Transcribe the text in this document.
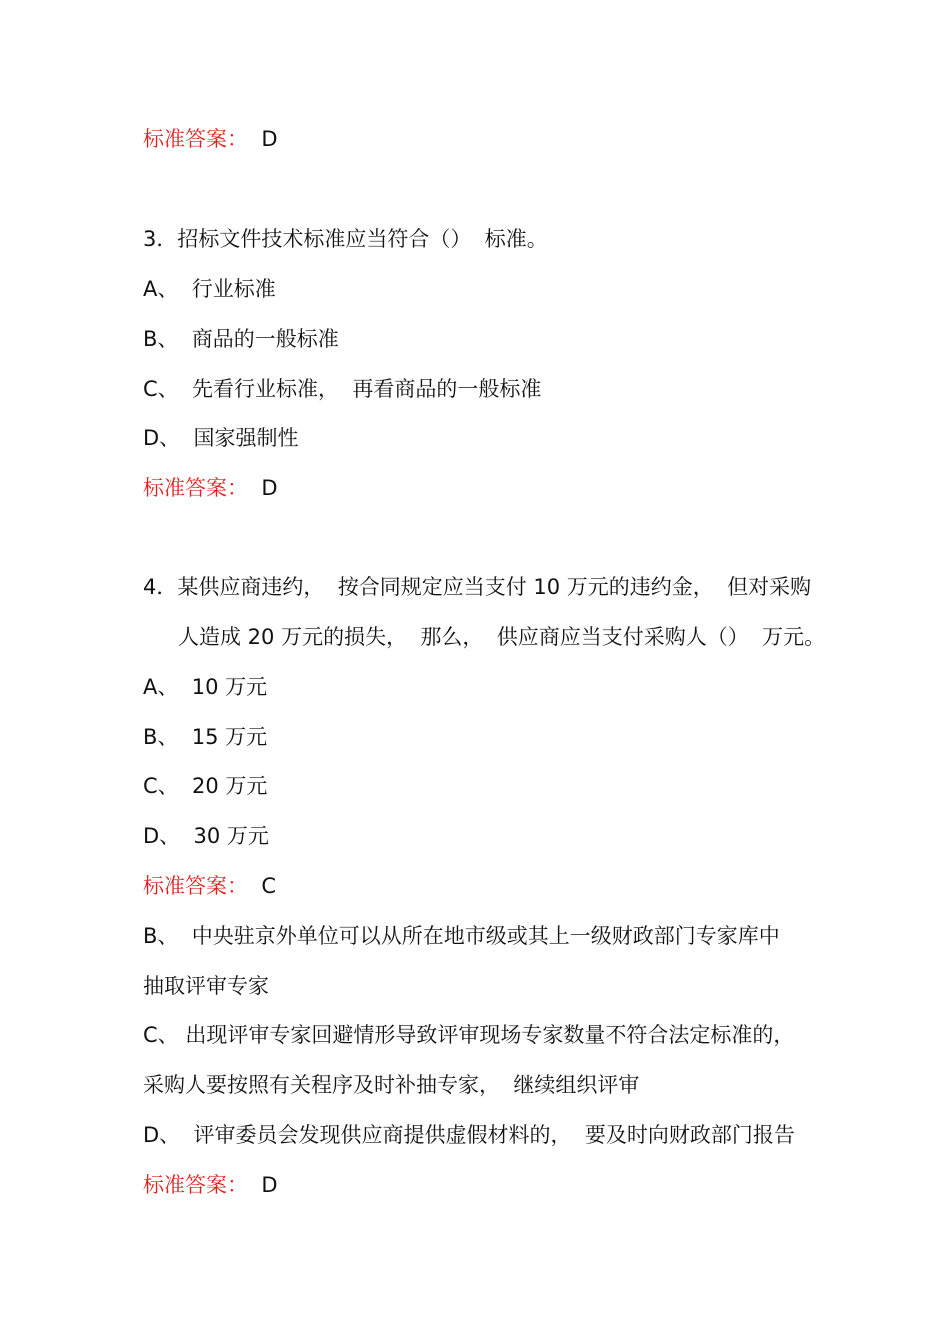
标准答案： D
3．招标文件技术标准应当符合（）  标准。
A、  行业标准
B、  商品的一般标准
C、  先看行业标准，  再看商品的一般标准
D、  国家强制性
标准答案： D
4．某供应商违约，  按合同规定应当支付 10 万元的违约金，  但对采购
人造成 20 万元的损失，  那么，  供应商应当支付采购人（）  万元。
A、  10 万元
B、  15 万元
C、  20 万元
D、  30 万元
标准答案： C
B、  中央驻京外单位可以从所在地市级或其上一级财政部门专家库中
抽取评审专家
C、 出现评审专家回避情形导致评审现场专家数量不符合法定标准的，
采购人要按照有关程序及时补抽专家，  继续组织评审
D、  评审委员会发现供应商提供虚假材料的，  要及时向财政部门报告
标准答案： D
